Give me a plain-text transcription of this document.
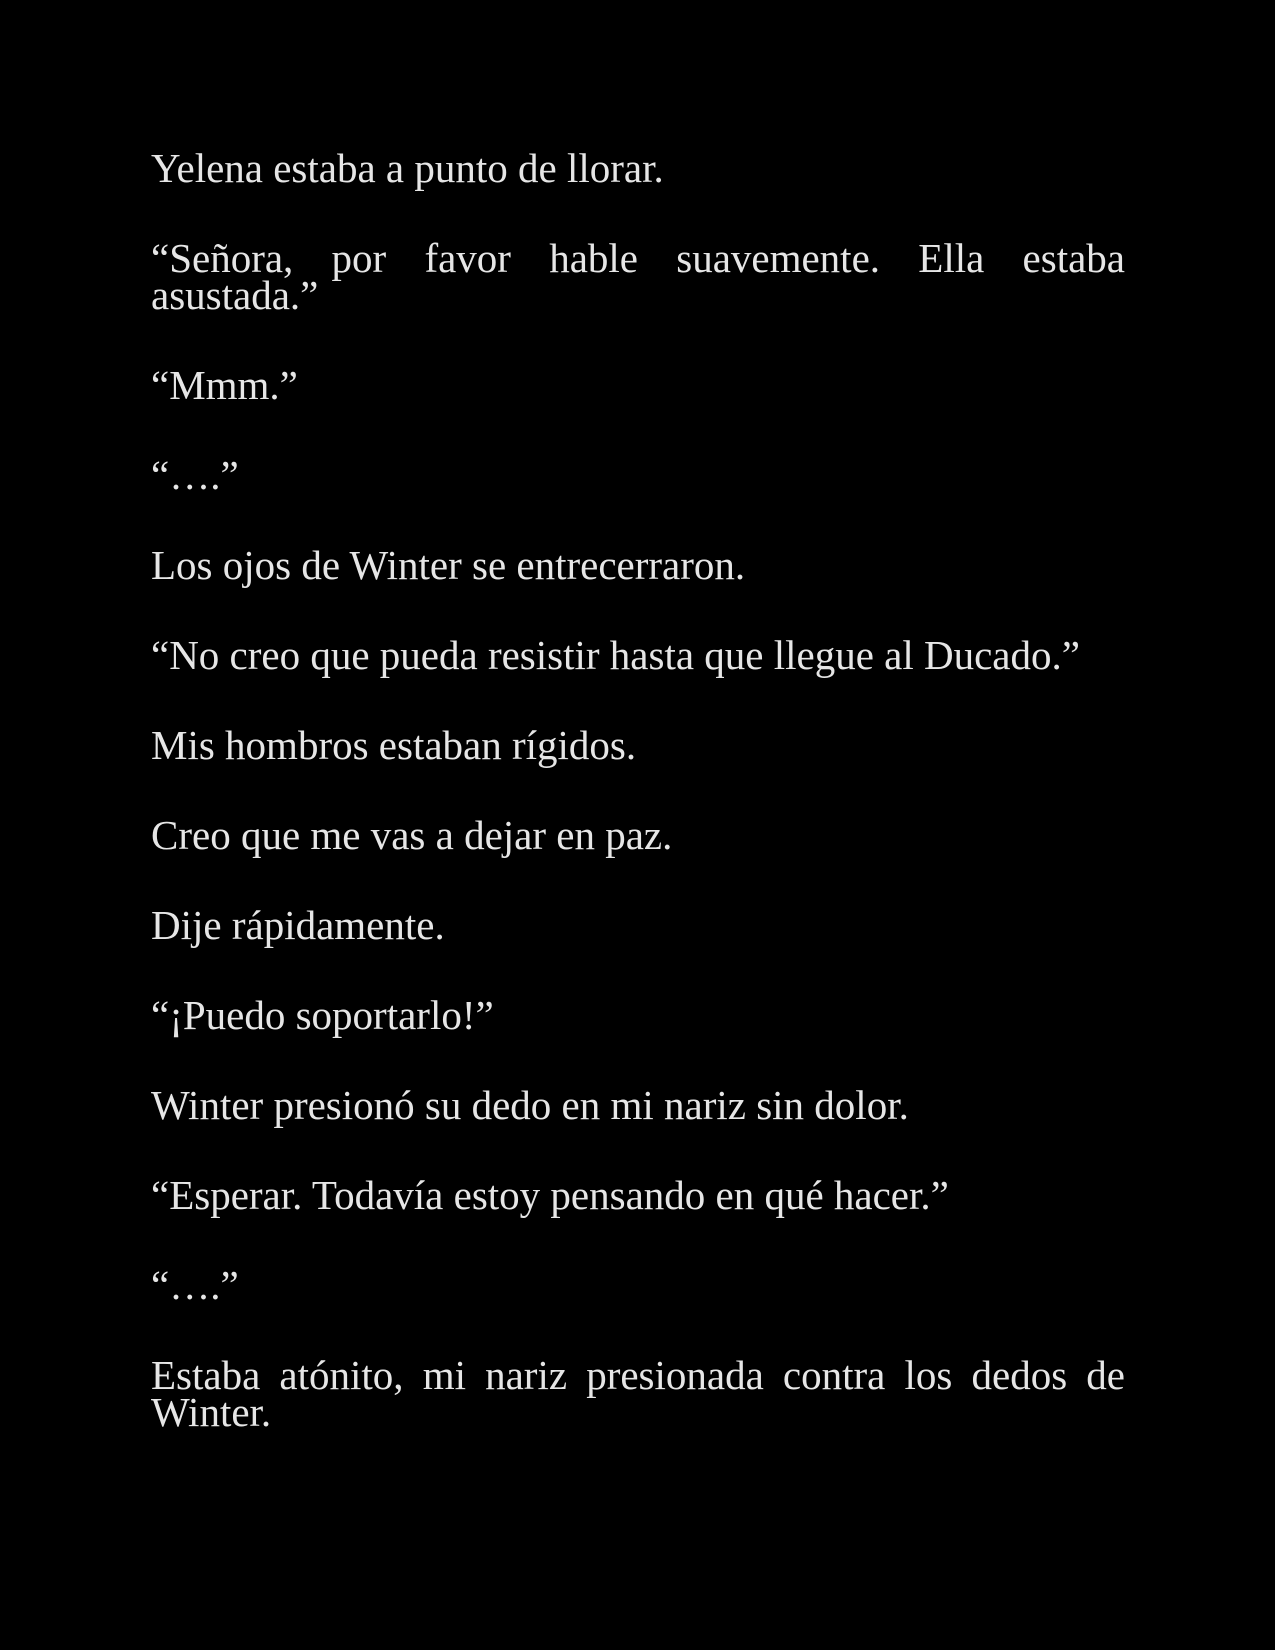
Yelena estaba a punto de llorar.

“Señora, por favor hable suavemente. Ella estaba asustada.”

“Mmm.”

“….”

Los ojos de Winter se entrecerraron.

“No creo que pueda resistir hasta que llegue al Ducado.”

Mis hombros estaban rígidos.

Creo que me vas a dejar en paz.

Dije rápidamente.

“¡Puedo soportarlo!”

Winter presionó su dedo en mi nariz sin dolor.

“Esperar. Todavía estoy pensando en qué hacer.”

“….”

Estaba atónito, mi nariz presionada contra los dedos de Winter.
